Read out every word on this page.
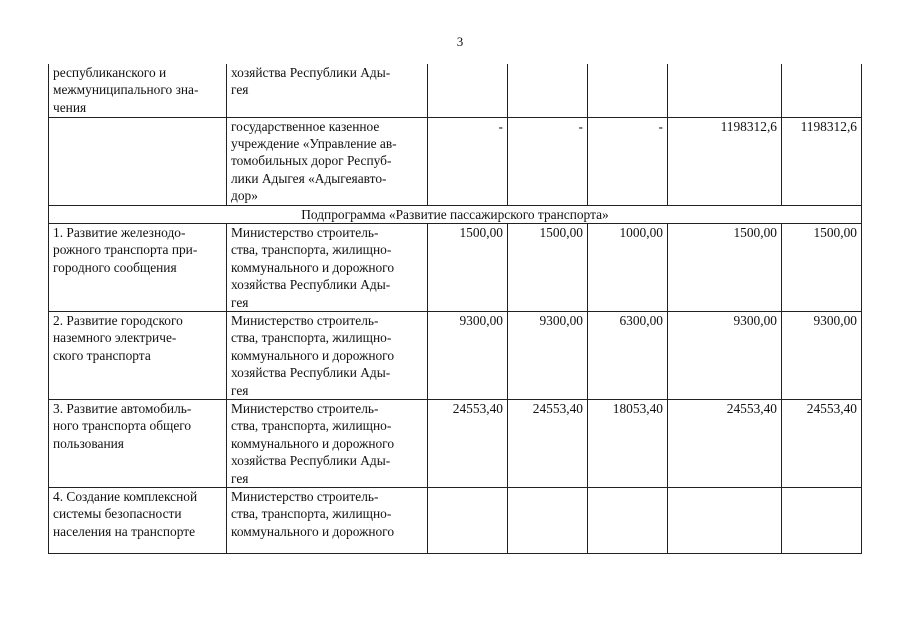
3
республиканского и
межмуниципального зна-
чения	хозяйства Республики Ады-
гея					

	государственное казенное
учреждение «Управление ав-
томобильных дорог Респуб-
лики Адыгея «Адыгеяавто-
дор»	-	-	-	1198312,6	1198312,6
Подпрограмма «Развитие пассажирского транспорта»						

1. Развитие железнодо-
рожного транспорта при-
городного сообщения	Министерство строитель-
ства, транспорта, жилищно-
коммунального и дорожного
хозяйства Республики Ады-
гея	1500,00	1500,00	1000,00	1500,00	1500,00

2. Развитие городского
наземного электриче-
ского транспорта	Министерство строитель-
ства, транспорта, жилищно-
коммунального и дорожного
хозяйства Республики Ады-
гея	9300,00	9300,00	6300,00	9300,00	9300,00

3. Развитие автомобиль-
ного транспорта общего
пользования	Министерство строитель-
ства, транспорта, жилищно-
коммунального и дорожного
хозяйства Республики Ады-
гея	24553,40	24553,40	18053,40	24553,40	24553,40

4. Создание комплексной
системы безопасности
населения на транспорте	Министерство строитель-
ства, транспорта, жилищно-
коммунального и дорожного					
